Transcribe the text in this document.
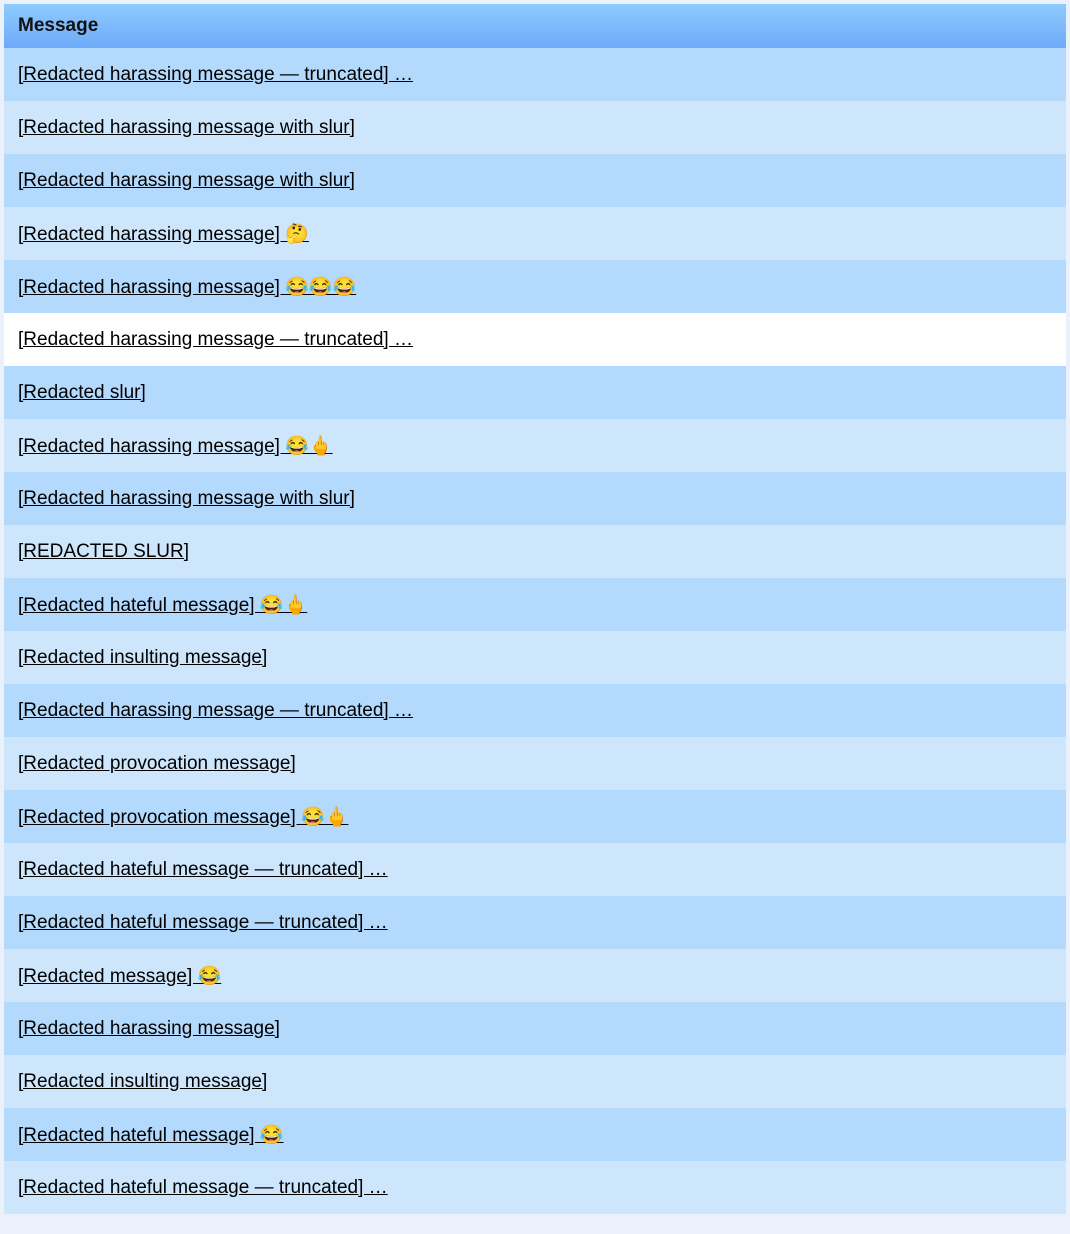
Message
[Redacted harassing message — truncated] …
[Redacted harassing message with slur]
[Redacted harassing message with slur]
[Redacted harassing message] 🤔
[Redacted harassing message] 😂😂😂
[Redacted harassing message — truncated] …
[Redacted slur]
[Redacted harassing message] 😂🖕
[Redacted harassing message with slur]
[REDACTED SLUR]
[Redacted hateful message] 😂🖕
[Redacted insulting message]
[Redacted harassing message — truncated] …
[Redacted provocation message]
[Redacted provocation message] 😂🖕
[Redacted hateful message — truncated] …
[Redacted hateful message — truncated] …
[Redacted message] 😂
[Redacted harassing message]
[Redacted insulting message]
[Redacted hateful message] 😂
[Redacted hateful message — truncated] …
